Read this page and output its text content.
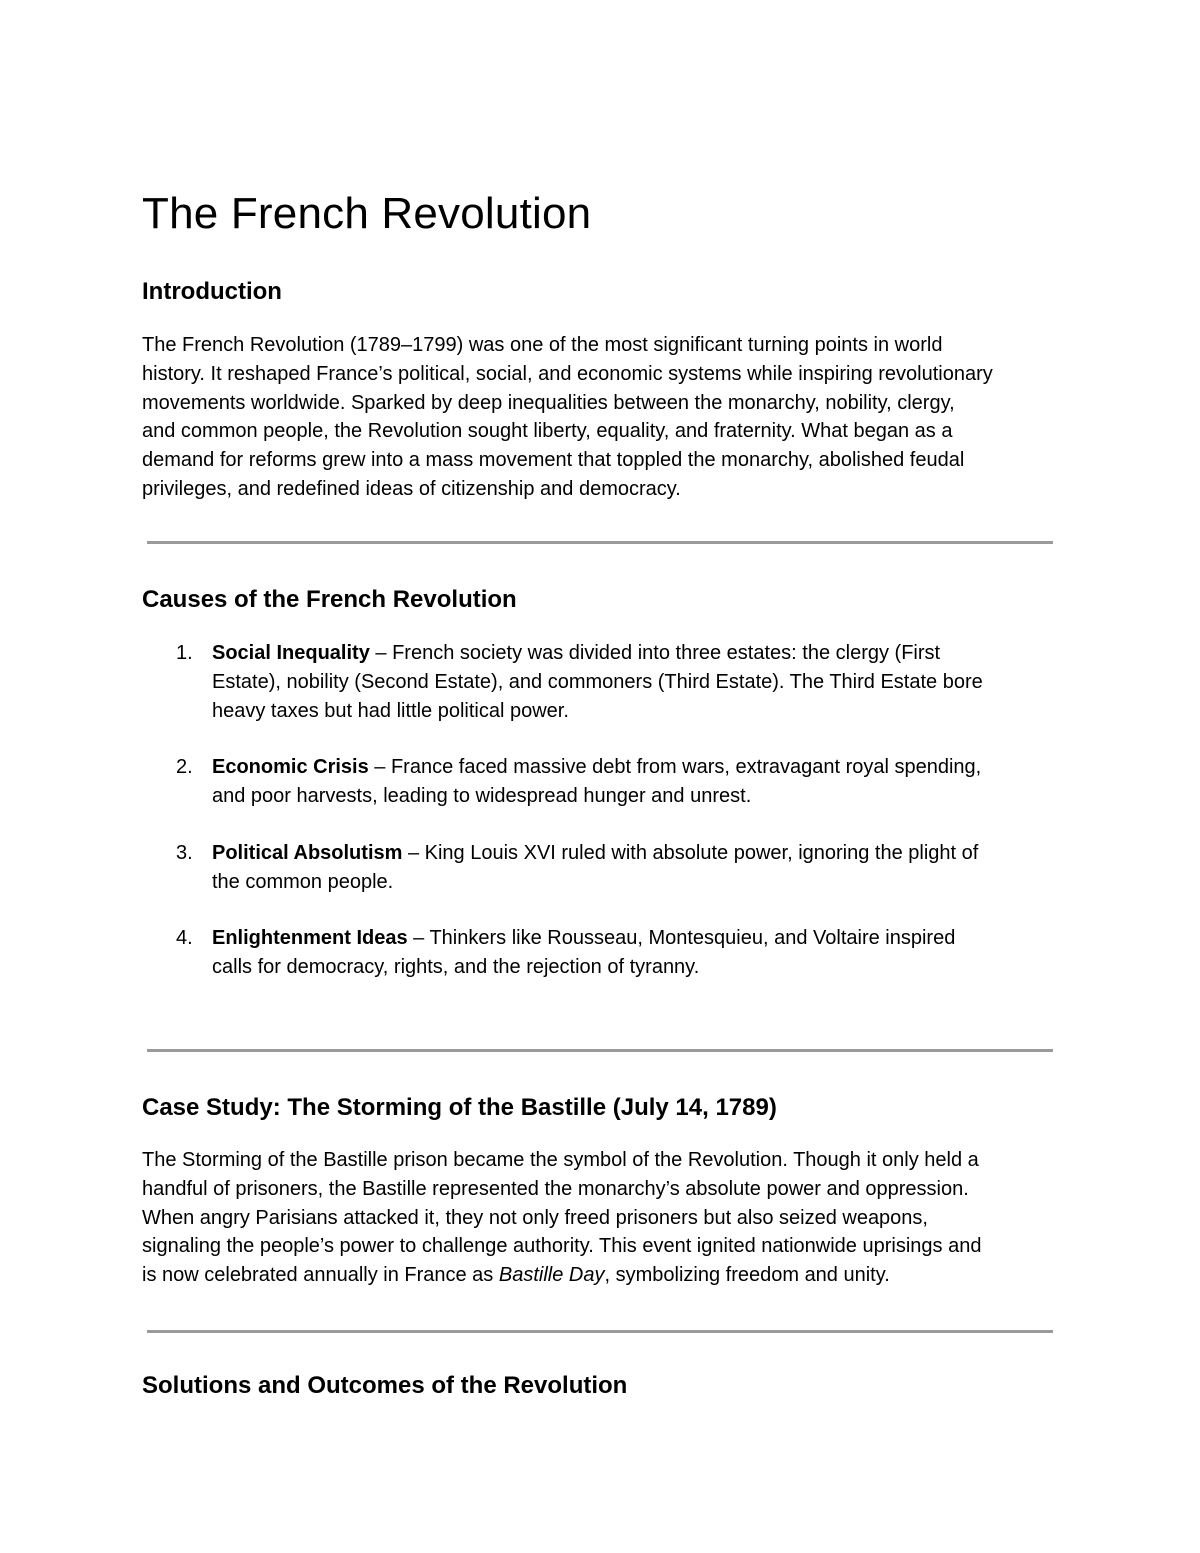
The French Revolution
Introduction
The French Revolution (1789–1799) was one of the most significant turning points in world
history. It reshaped France’s political, social, and economic systems while inspiring revolutionary
movements worldwide. Sparked by deep inequalities between the monarchy, nobility, clergy,
and common people, the Revolution sought liberty, equality, and fraternity. What began as a
demand for reforms grew into a mass movement that toppled the monarchy, abolished feudal
privileges, and redefined ideas of citizenship and democracy.
Causes of the French Revolution
1. Social Inequality – French society was divided into three estates: the clergy (First
Estate), nobility (Second Estate), and commoners (Third Estate). The Third Estate bore
heavy taxes but had little political power.
2. Economic Crisis – France faced massive debt from wars, extravagant royal spending,
and poor harvests, leading to widespread hunger and unrest.
3. Political Absolutism – King Louis XVI ruled with absolute power, ignoring the plight of
the common people.
4. Enlightenment Ideas – Thinkers like Rousseau, Montesquieu, and Voltaire inspired
calls for democracy, rights, and the rejection of tyranny.
Case Study: The Storming of the Bastille (July 14, 1789)
The Storming of the Bastille prison became the symbol of the Revolution. Though it only held a
handful of prisoners, the Bastille represented the monarchy’s absolute power and oppression.
When angry Parisians attacked it, they not only freed prisoners but also seized weapons,
signaling the people’s power to challenge authority. This event ignited nationwide uprisings and
is now celebrated annually in France as Bastille Day, symbolizing freedom and unity.
Solutions and Outcomes of the Revolution
